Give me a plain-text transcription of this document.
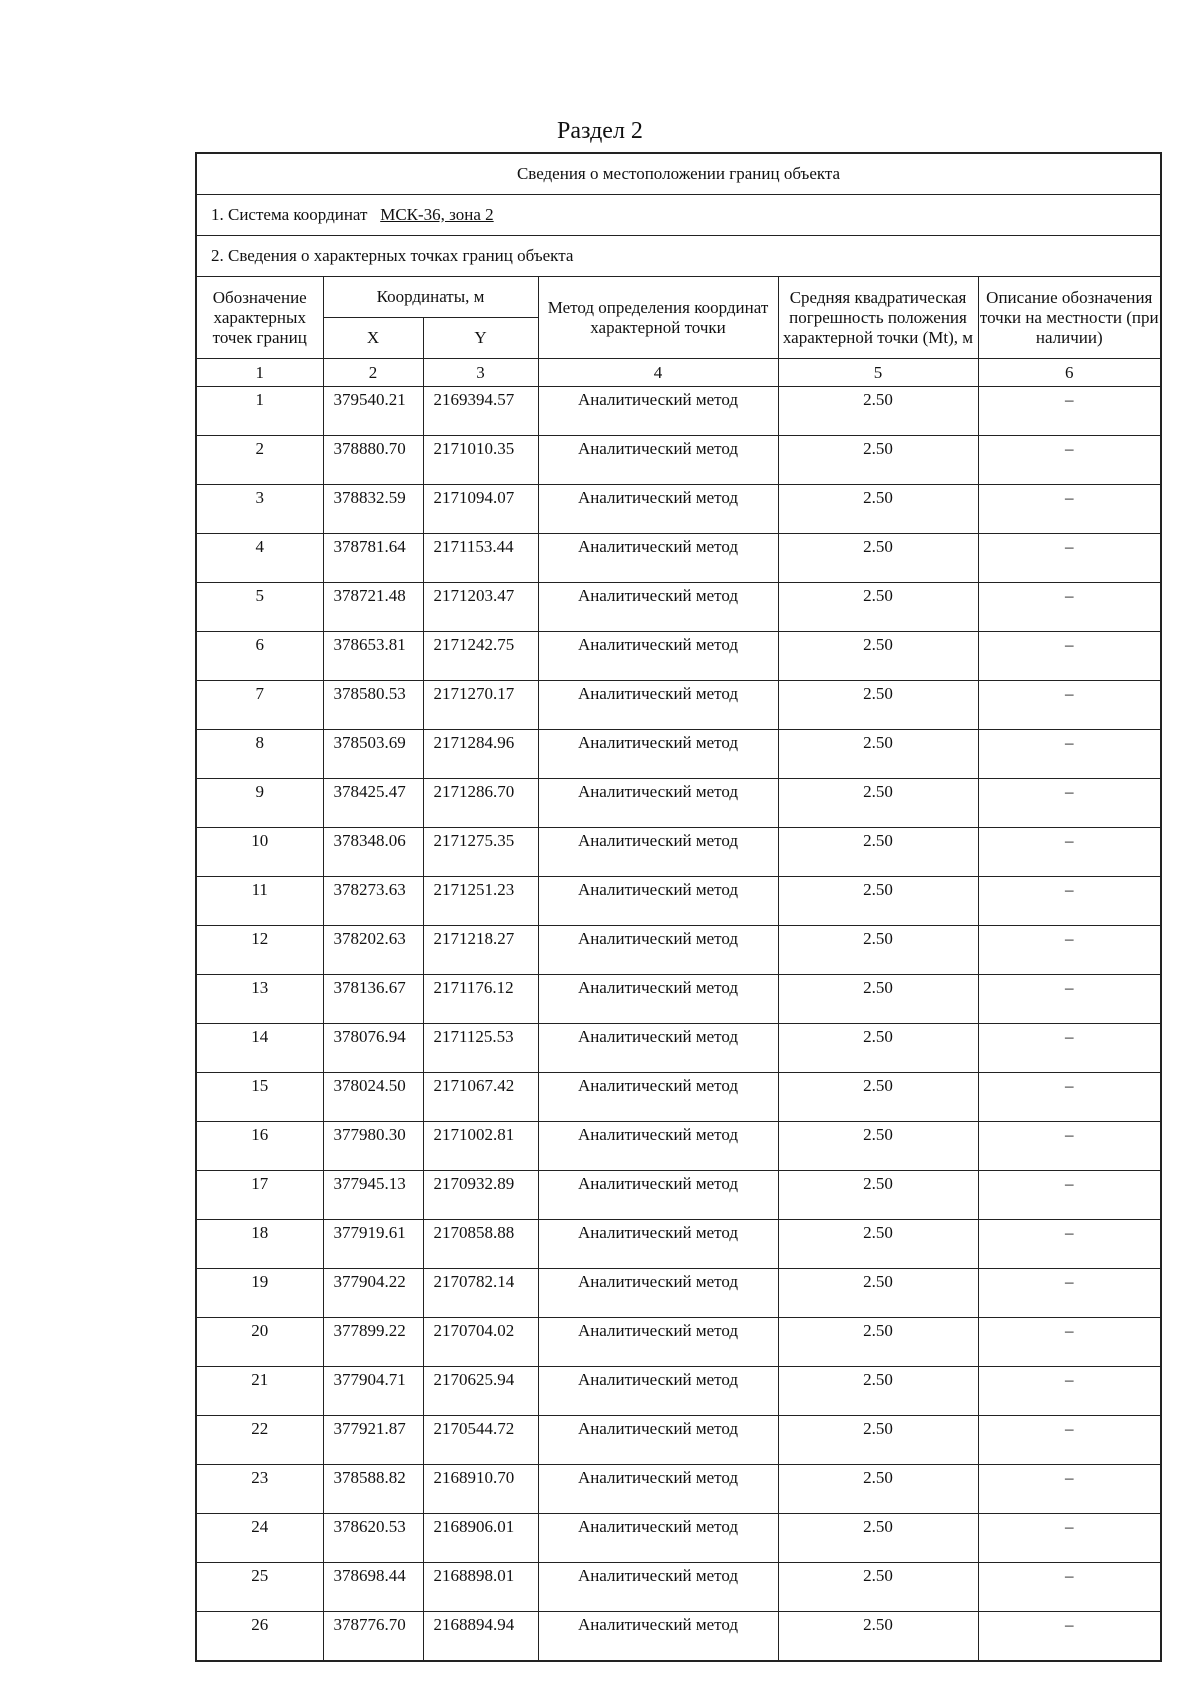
Раздел 2
Сведения о местоположении границ объекта					
1. Система координат МСК-36, зона 2					
2. Сведения о характерных точках границ объекта					
Обозначение характерных точек границ	Координаты, м		Метод определения координат характерной точки	Средняя квадратическая погрешность положения характерной точки (Mt), м	Описание обозначения точки на местности (при наличии)
	X	Y			
1	2	3	4	5	6
1	379540.21	2169394.57	Аналитический метод	2.50	–
2	378880.70	2171010.35	Аналитический метод	2.50	–
3	378832.59	2171094.07	Аналитический метод	2.50	–
4	378781.64	2171153.44	Аналитический метод	2.50	–
5	378721.48	2171203.47	Аналитический метод	2.50	–
6	378653.81	2171242.75	Аналитический метод	2.50	–
7	378580.53	2171270.17	Аналитический метод	2.50	–
8	378503.69	2171284.96	Аналитический метод	2.50	–
9	378425.47	2171286.70	Аналитический метод	2.50	–
10	378348.06	2171275.35	Аналитический метод	2.50	–
11	378273.63	2171251.23	Аналитический метод	2.50	–
12	378202.63	2171218.27	Аналитический метод	2.50	–
13	378136.67	2171176.12	Аналитический метод	2.50	–
14	378076.94	2171125.53	Аналитический метод	2.50	–
15	378024.50	2171067.42	Аналитический метод	2.50	–
16	377980.30	2171002.81	Аналитический метод	2.50	–
17	377945.13	2170932.89	Аналитический метод	2.50	–
18	377919.61	2170858.88	Аналитический метод	2.50	–
19	377904.22	2170782.14	Аналитический метод	2.50	–
20	377899.22	2170704.02	Аналитический метод	2.50	–
21	377904.71	2170625.94	Аналитический метод	2.50	–
22	377921.87	2170544.72	Аналитический метод	2.50	–
23	378588.82	2168910.70	Аналитический метод	2.50	–
24	378620.53	2168906.01	Аналитический метод	2.50	–
25	378698.44	2168898.01	Аналитический метод	2.50	–
26	378776.70	2168894.94	Аналитический метод	2.50	–
